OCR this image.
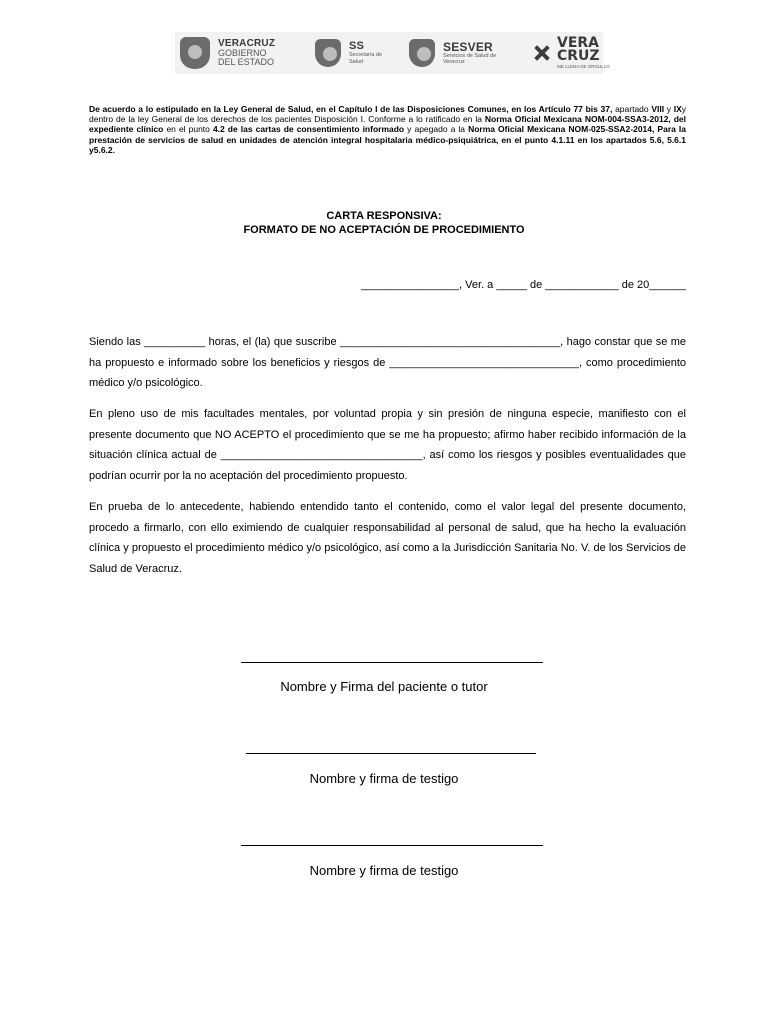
VERACRUZ
GOBIERNO
DEL ESTADO
SS
Secretaría de Salud
SESVER
Servicios de Salud de Veracruz
VERA CRUZ
ME LLENA DE ORGULLO

De acuerdo a lo estipulado en la Ley General de Salud, en el Capítulo I de las Disposiciones Comunes, en los Artículo 77 bis 37, apartado VIII y IXy dentro de la ley General de los derechos de los pacientes Disposición I. Conforme a lo ratificado en la Norma Oficial Mexicana NOM-004-SSA3-2012, del expediente clínico en el punto 4.2 de las cartas de consentimiento informado y apegado a la Norma Oficial Mexicana NOM-025-SSA2-2014, Para la prestación de servicios de salud en unidades de atención integral hospitalaria médico-psiquiátrica, en el punto 4.1.11 en los apartados 5.6, 5.6.1 y5.6.2.

CARTA RESPONSIVA:
FORMATO DE NO ACEPTACIÓN DE PROCEDIMIENTO
________________, Ver. a _____ de ____________ de 20______

Siendo las __________ horas, el (la) que suscribe ____________________________________, hago constar que se me ha propuesto e informado sobre los beneficios y riesgos de _______________________________, como procedimiento médico y/o psicológico.

En pleno uso de mis facultades mentales, por voluntad propia y sin presión de ninguna especie, manifiesto con el presente documento que NO ACEPTO el procedimiento que se me ha propuesto; afirmo haber recibido información de la situación clínica actual de _________________________________, así como los riesgos y posibles eventualidades que podrían ocurrir por la no aceptación del procedimiento propuesto.

En prueba de lo antecedente, habiendo entendido tanto el contenido, como el valor legal del presente documento, procedo a firmarlo, con ello eximiendo de cualquier responsabilidad al personal de salud, que ha hecho la evaluación clínica y propuesto el procedimiento médico y/o psicológico, así como a la Jurisdicción Sanitaria No. V. de los Servicios de Salud de Veracruz.

Nombre y Firma del paciente o tutor
Nombre y firma de testigo
Nombre y firma de testigo
